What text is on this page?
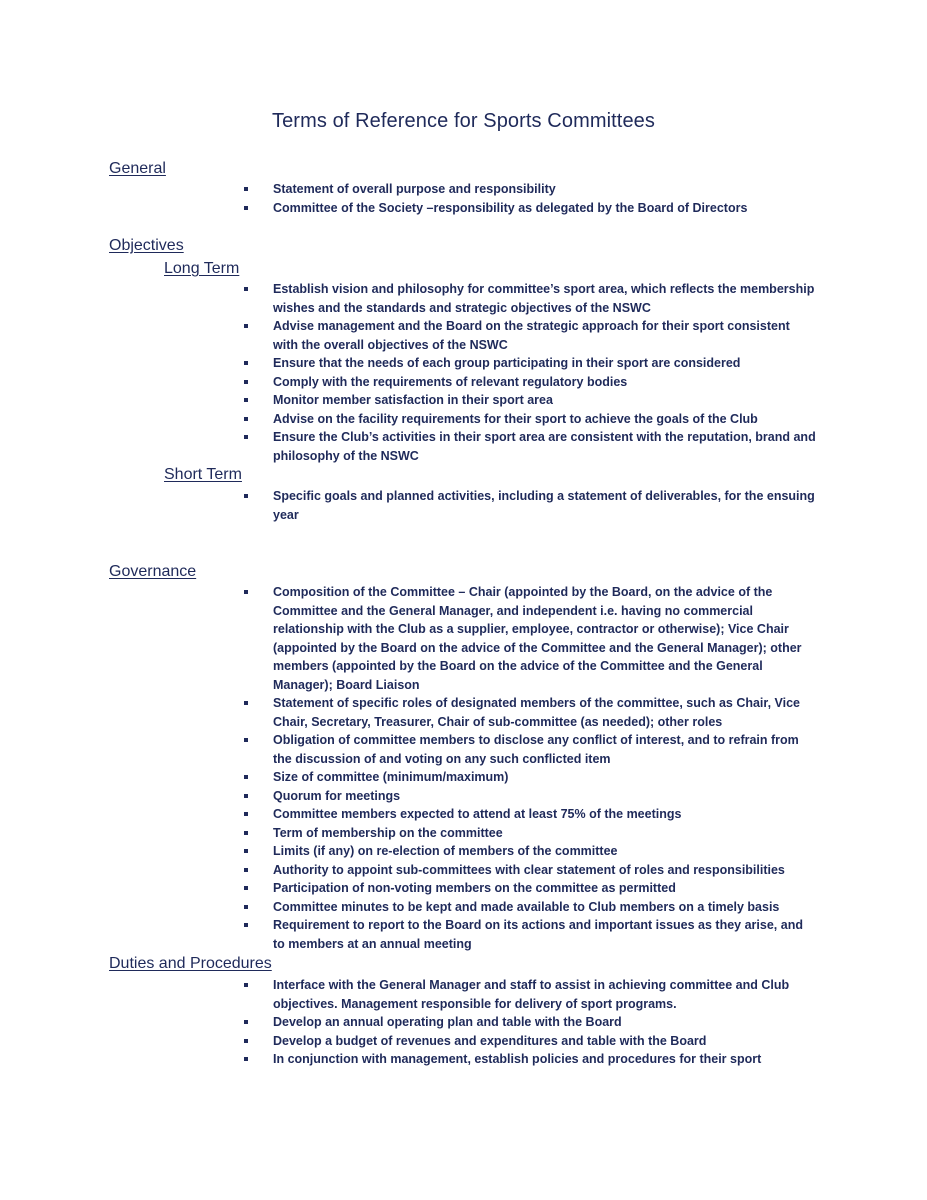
Terms of Reference for Sports Committees
General
Statement of overall purpose and responsibility
Committee of the Society –responsibility as delegated by the Board of Directors
Objectives
Long Term
Establish vision and philosophy for committee’s sport area, which reflects the membership wishes and the standards and strategic objectives of the NSWC
Advise management and the Board on the strategic approach for their sport consistent with the overall objectives of the NSWC
Ensure that the needs of each group participating in their sport are considered
Comply with the requirements of relevant regulatory bodies
Monitor member satisfaction in their sport area
Advise on the facility requirements for their sport to achieve the goals of the Club
Ensure the Club’s activities in their sport area are consistent with the reputation, brand and philosophy of the NSWC
Short Term
Specific goals and planned activities, including a statement of deliverables, for the ensuing year
Governance
Composition of the Committee – Chair (appointed by the Board, on the advice of the Committee and the General Manager, and independent i.e. having no commercial relationship with the Club as a supplier, employee, contractor or otherwise); Vice Chair (appointed by the Board on the advice of the Committee and the General Manager); other members (appointed by the Board on the advice of the Committee and the General Manager); Board Liaison
Statement of specific roles of designated members of the committee, such as Chair, Vice Chair, Secretary, Treasurer, Chair of sub-committee (as needed); other roles
Obligation of committee members to disclose any conflict of interest, and to refrain from the discussion of and voting on any such conflicted item
Size of committee (minimum/maximum)
Quorum for meetings
Committee members expected to attend at least 75% of the meetings
Term of membership on the committee
Limits (if any) on re-election of members of the committee
Authority to appoint sub-committees with clear statement of roles and responsibilities
Participation of non-voting members on the committee as permitted
Committee minutes to be kept and made available to Club members on a timely basis
Requirement to report to the Board on its actions and important issues as they arise, and to members at an annual meeting
Duties and Procedures
Interface with the General Manager and staff to assist in achieving committee and Club objectives. Management responsible for delivery of sport programs.
Develop an annual operating plan and table with the Board
Develop a budget of revenues and expenditures and table with the Board
In conjunction with management, establish policies and procedures for their sport
